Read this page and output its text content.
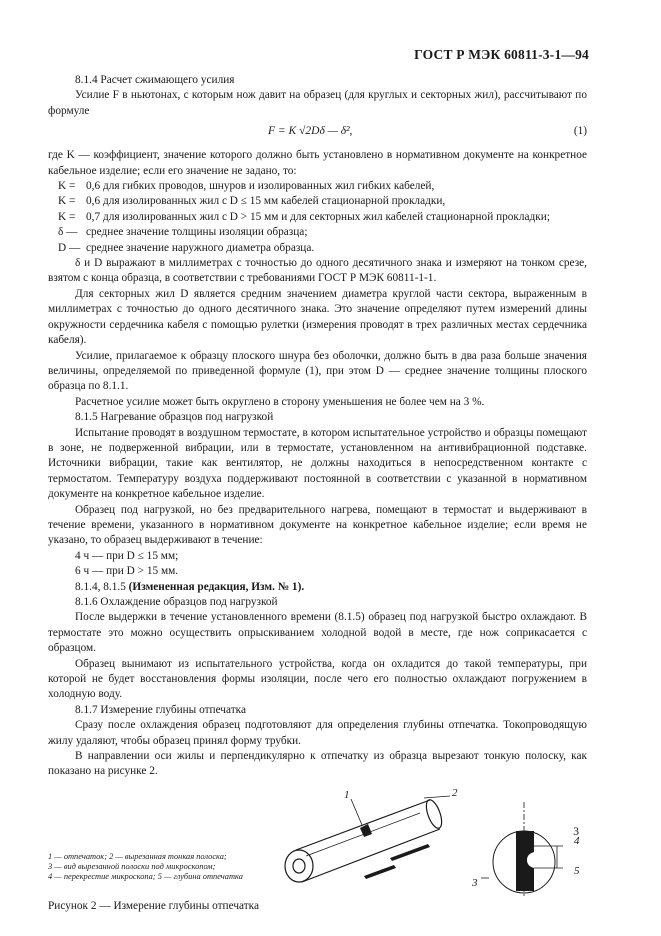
ГОСТ Р МЭК 60811-3-1—94

8.1.4 Расчет сжимающего усилия

Усилие F в ньютонах, с которым нож давит на образец (для круглых и секторных жил), рассчитывают по формуле

F = K √2Dδ — δ²,	(1)

где K — коэффициент, значение которого должно быть установлено в нормативном документе на конкретное кабельное изделие; если его значение не задано, то:

K = 0,6 для гибких проводов, шнуров и изолированных жил гибких кабелей,
K = 0,6 для изолированных жил с D ≤ 15 мм кабелей стационарной прокладки,
K = 0,7 для изолированных жил с D > 15 мм и для секторных жил кабелей стационарной прокладки;
δ — среднее значение толщины изоляции образца;
D — среднее значение наружного диаметра образца.

δ и D выражают в миллиметрах с точностью до одного десятичного знака и измеряют на тонком срезе, взятом с конца образца, в соответствии с требованиями ГОСТ Р МЭК 60811-1-1.

Для секторных жил D является средним значением диаметра круглой части сектора, выраженным в миллиметрах с точностью до одного десятичного знака. Это значение определяют путем измерений длины окружности сердечника кабеля с помощью рулетки (измерения проводят в трех различных местах сердечника кабеля).

Усилие, прилагаемое к образцу плоского шнура без оболочки, должно быть в два раза больше значения величины, определяемой по приведенной формуле (1), при этом D — среднее значение толщины плоского образца по 8.1.1.

Расчетное усилие может быть округлено в сторону уменьшения не более чем на 3 %.

8.1.5 Нагревание образцов под нагрузкой

Испытание проводят в воздушном термостате, в котором испытательное устройство и образцы помещают в зоне, не подверженной вибрации, или в термостате, установленном на антивибрационной подставке. Источники вибрации, такие как вентилятор, не должны находиться в непосредственном контакте с термостатом. Температуру воздуха поддерживают постоянной в соответствии с указанной в нормативном документе на конкретное кабельное изделие.

Образец под нагрузкой, но без предварительного нагрева, помещают в термостат и выдерживают в течение времени, указанного в нормативном документе на конкретное кабельное изделие; если время не указано, то образец выдерживают в течение:

4 ч — при D ≤ 15 мм;

6 ч — при D > 15 мм.

8.1.4, 8.1.5 (Измененная редакция, Изм. № 1).

8.1.6 Охлаждение образцов под нагрузкой

После выдержки в течение установленного времени (8.1.5) образец под нагрузкой быстро охлаждают. В термостате это можно осуществить опрыскиванием холодной водой в месте, где нож соприкасается с образцом.

Образец вынимают из испытательного устройства, когда он охладится до такой температуры, при которой не будет восстановления формы изоляции, после чего его полностью охлаждают погружением в холодную воду.

8.1.7 Измерение глубины отпечатка

Сразу после охлаждения образец подготовляют для определения глубины отпечатка. Токопроводящую жилу удаляют, чтобы образец принял форму трубки.

В направлении оси жилы и перпендикулярно к отпечатку из образца вырезают тонкую полоску, как показано на рисунке 2.

1	2
3
4
5
1 — отпечаток; 2 — вырезанная тонкая полоска;
3 — вид вырезанной полоски под микроскопом;
4 — перекрестие микроскопа; 5 — глубина отпечатка
Рисунок 2 — Измерение глубины отпечатка
3
